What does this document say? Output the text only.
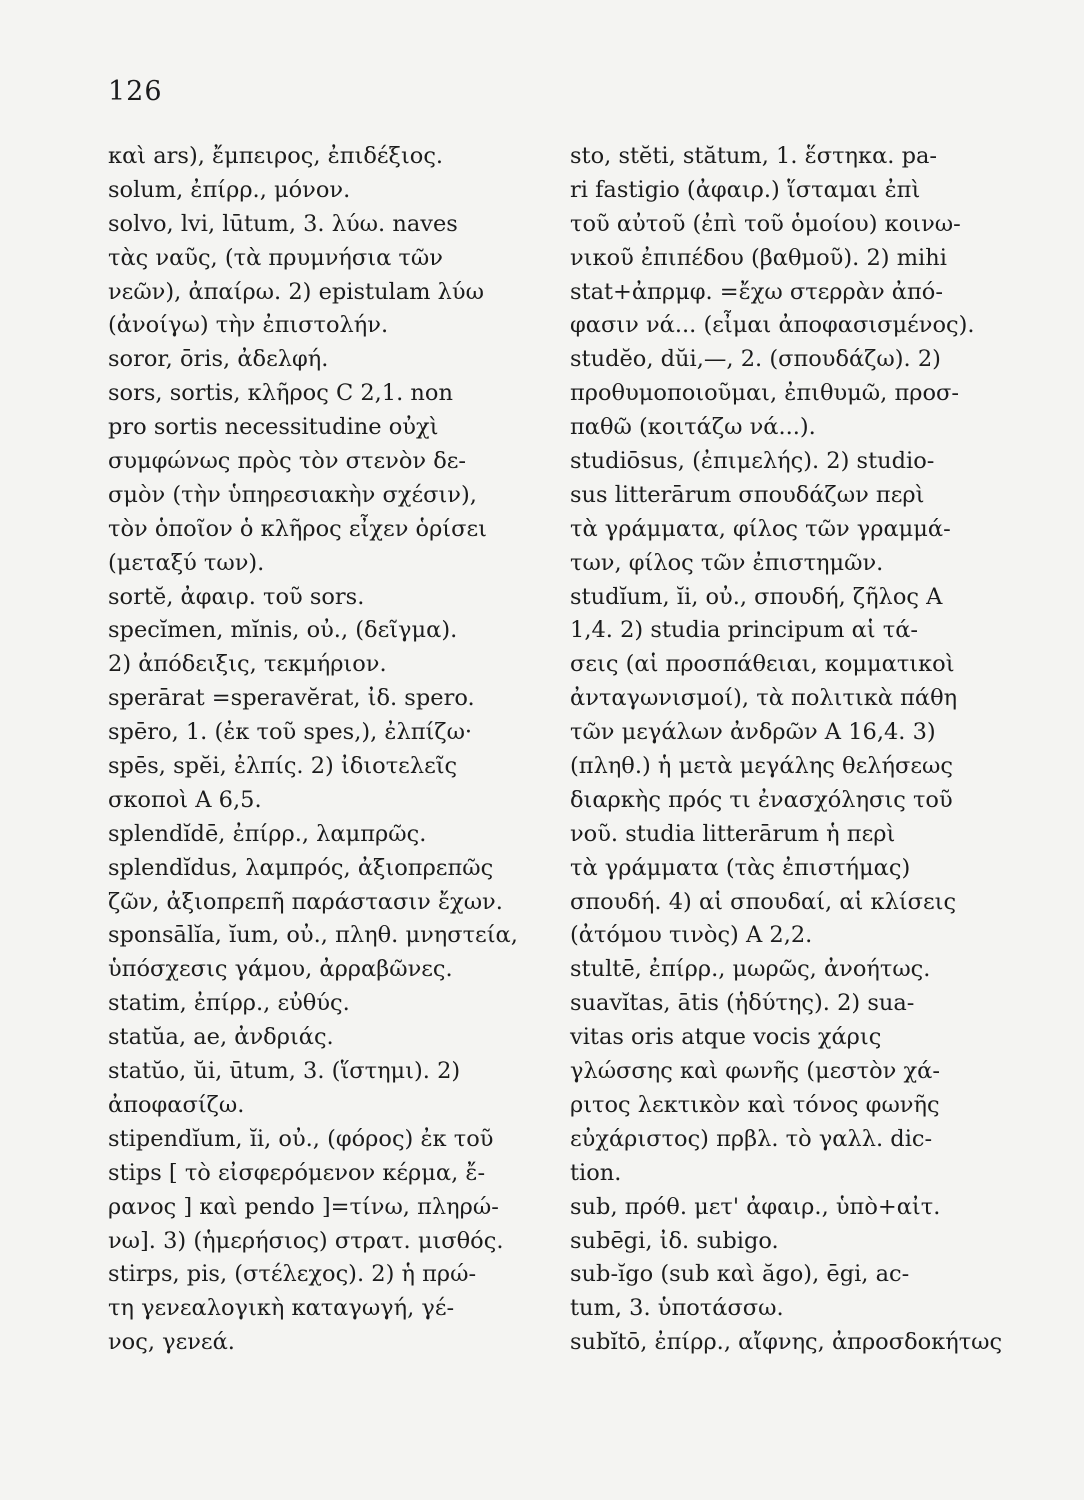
126
καὶ ars), ἔμπειρος, ἐπιδέξιος.
solum, ἐπίρρ., μόνον.
solvo, lvi, lūtum, 3. λύω. naves
τὰς ναῦς, (τὰ πρυμνήσια τῶν
νεῶν), ἀπαίρω. 2) epistulam λύω
(ἀνοίγω) τὴν ἐπιστολήν.
soror, ōris, ἀδελφή.
sors, sortis, κλῆρος C 2,1. non
pro sortis necessitudine οὐχὶ
συμφώνως πρὸς τὸν στενὸν δε-
σμὸν (τὴν ὑπηρεσιακὴν σχέσιν),
τὸν ὁποῖον ὁ κλῆρος εἶχεν ὁρίσει
(μεταξύ των).
sortĕ, ἀφαιρ. τοῦ sors.
specĭmen, mĭnis, οὐ., (δεῖγμα).
2) ἀπόδειξις, τεκμήριον.
sperārat =speravĕrat, ἰδ. spero.
spēro, 1. (ἐκ τοῦ spes,), ἐλπίζω·
spēs, spĕi, ἐλπίς. 2) ἰδιοτελεῖς
σκοποὶ A 6,5.
splendĭdē, ἐπίρρ., λαμπρῶς.
splendĭdus, λαμπρός, ἀξιοπρεπῶς
ζῶν, ἀξιοπρεπῆ παράστασιν ἔχων.
sponsālĭa, ĭum, οὐ., πληθ. μνηστεία,
ὑπόσχεσις γάμου, ἀρραβῶνες.
statim, ἐπίρρ., εὐθύς.
statŭa, ae, ἀνδριάς.
statŭo, ŭi, ūtum, 3. (ἵστημι). 2)
ἀποφασίζω.
stipendĭum, ĭi, οὐ., (φόρος) ἐκ τοῦ
stips [ τὸ εἰσφερόμενον κέρμα, ἔ-
ρανος ] καὶ pendo ]=τίνω, πληρώ-
νω]. 3) (ἡμερήσιος) στρατ. μισθός.
stirps, pis, (στέλεχος). 2) ἡ πρώ-
τη γενεαλογικὴ καταγωγή, γέ-
νος, γενεά.
sto, stĕti, stătum, 1. ἕστηκα. pa-
ri fastigio (ἀφαιρ.) ἵσταμαι ἐπὶ
τοῦ αὐτοῦ (ἐπὶ τοῦ ὁμοίου) κοινω-
νικοῦ ἐπιπέδου (βαθμοῦ). 2) mihi
stat+ἀπρμφ. =ἔχω στερρὰν ἀπό-
φασιν νά... (εἶμαι ἀποφασισμένος).
studĕo, dŭi,—, 2. (σπουδάζω). 2)
προθυμοποιοῦμαι, ἐπιθυμῶ, προσ-
παθῶ (κοιτάζω νά...).
studiōsus, (ἐπιμελής). 2) studio-
sus litterārum σπουδάζων περὶ
τὰ γράμματα, φίλος τῶν γραμμά-
των, φίλος τῶν ἐπιστημῶν.
studĭum, ĭi, οὐ., σπουδή, ζῆλος A
1,4. 2) studia principum αἱ τά-
σεις (αἱ προσπάθειαι, κομματικοὶ
ἀνταγωνισμοί), τὰ πολιτικὰ πάθη
τῶν μεγάλων ἀνδρῶν A 16,4. 3)
(πληθ.) ἡ μετὰ μεγάλης θελήσεως
διαρκὴς πρός τι ἐνασχόλησις τοῦ
νοῦ. studia litterārum ἡ περὶ
τὰ γράμματα (τὰς ἐπιστήμας)
σπουδή. 4) αἱ σπουδαί, αἱ κλίσεις
(ἀτόμου τινὸς) A 2,2.
stultē, ἐπίρρ., μωρῶς, ἀνοήτως.
suavĭtas, ātis (ἡδύτης). 2) sua-
vitas oris atque vocis χάρις
γλώσσης καὶ φωνῆς (μεστὸν χά-
ριτος λεκτικὸν καὶ τόνος φωνῆς
εὐχάριστος) πρβλ. τὸ γαλλ. dic-
tion.
sub, πρόθ. μετ' ἀφαιρ., ὑπὸ+αἰτ.
subēgi, ἰδ. subigo.
sub-ĭgo (sub καὶ ăgo), ēgi, ac-
tum, 3. ὑποτάσσω.
subĭtō, ἐπίρρ., αἴφνης, ἀπροσδοκήτως
